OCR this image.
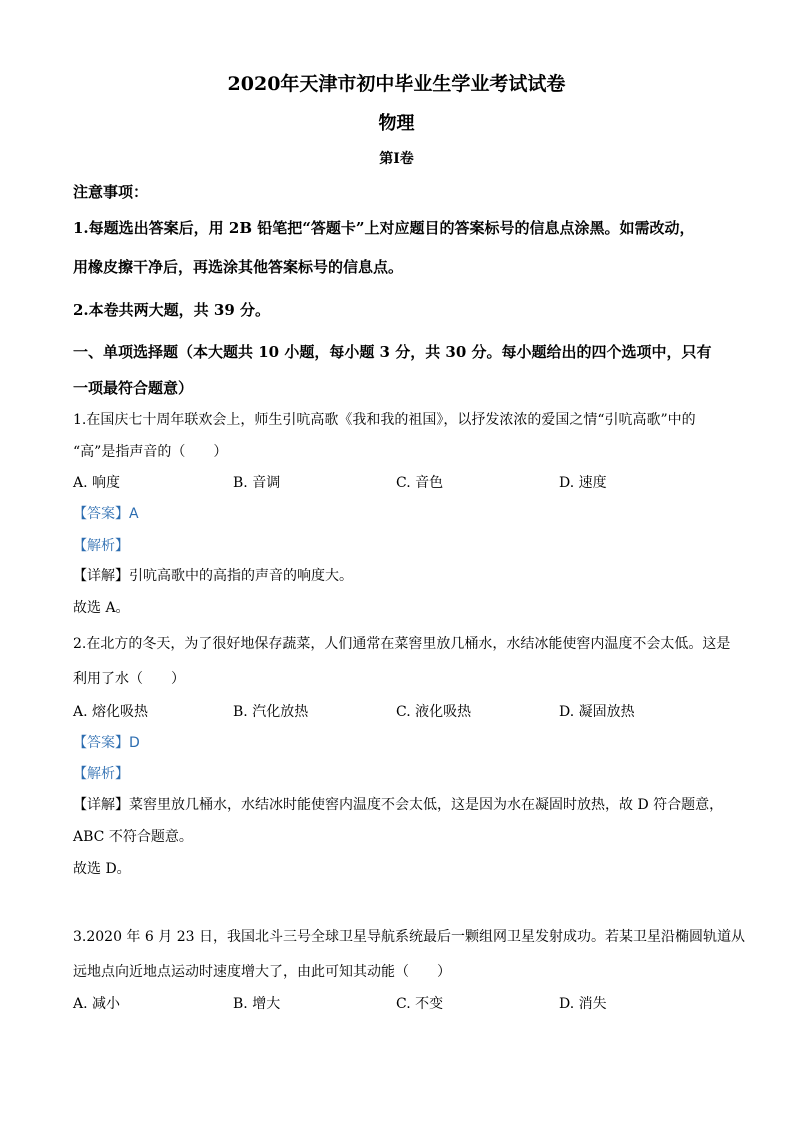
2020年天津市初中毕业生学业考试试卷
物理
第I卷
注意事项：
1.每题选出答案后，用 2B 铅笔把“答题卡”上对应题目的答案标号的信息点涂黑。如需改动，
用橡皮擦干净后，再选涂其他答案标号的信息点。
2.本卷共两大题，共 39 分。
一、单项选择题（本大题共 10 小题，每小题 3 分，共 30 分。每小题给出的四个选项中，只有
一项最符合题意）
1.在国庆七十周年联欢会上，师生引吭高歌《我和我的祖国》，以抒发浓浓的爱国之情“引吭高歌”中的
“高”是指声音的（　　）
A. 响度	B. 音调	C. 音色	D. 速度
【答案】A
【解析】
【详解】引吭高歌中的高指的声音的响度大。
故选 A。
2.在北方的冬天，为了很好地保存蔬菜，人们通常在菜窖里放几桶水，水结冰能使窖内温度不会太低。这是
利用了水（　　）
A. 熔化吸热	B. 汽化放热	C. 液化吸热	D. 凝固放热
【答案】D
【解析】
【详解】菜窖里放几桶水，水结冰时能使窖内温度不会太低，这是因为水在凝固时放热，故 D 符合题意，
ABC 不符合题意。
故选 D。
3.2020 年 6 月 23 日，我国北斗三号全球卫星导航系统最后一颗组网卫星发射成功。若某卫星沿椭圆轨道从
远地点向近地点运动时速度增大了，由此可知其动能（　　）
A. 减小	B. 增大	C. 不变	D. 消失
